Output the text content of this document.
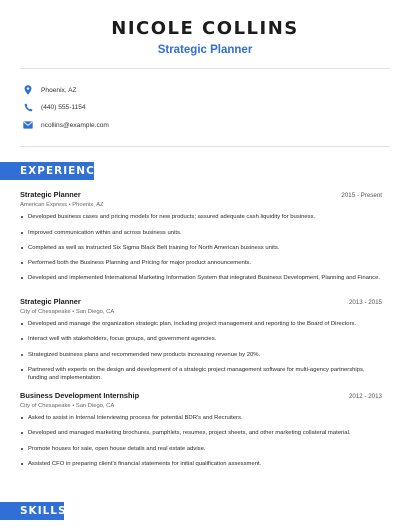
NICOLE COLLINS
Strategic Planner
Phoenix, AZ
(440) 555-1154
ncollins@example.com
EXPERIENCE
Strategic Planner	2015 - Present
American Express • Phoenix, AZ
Developed business cases and pricing models for new products; assured adequate cash liquidity for business.
Improved communication within and across business units.
Completed as well as instructed Six Sigma Black Belt training for North American business units.
Performed both the Business Planning and Pricing for major product announcements.
Developed and implemented International Marketing Information System that integrated Business Development, Planning and Finance.
Strategic Planner	2013 - 2015
City of Chesapeake • San Diego, CA
Developed and manage the organization strategic plan, including project management and reporting to the Board of Directors.
Interact well with stakeholders, focus groups, and government agencies.
Strategized business plans and recommended new products increasing revenue by 20%.
Partnered with experts on the design and development of a strategic project management software for multi-agency partnerships, funding and implementation.
Business Development Internship	2012 - 2013
City of Chesapeake • San Diego, CA
Asked to assist in Internal Interviewing process for potential BDR's and Recruiters.
Developed and managed marketing brochures, pamphlets, resumes, project sheets, and other marketing collateral material.
Promote houses for sale, open house details and real estate advise.
Assisted CFO in preparing client's financial statements for initial qualification assessment.
SKILLS
